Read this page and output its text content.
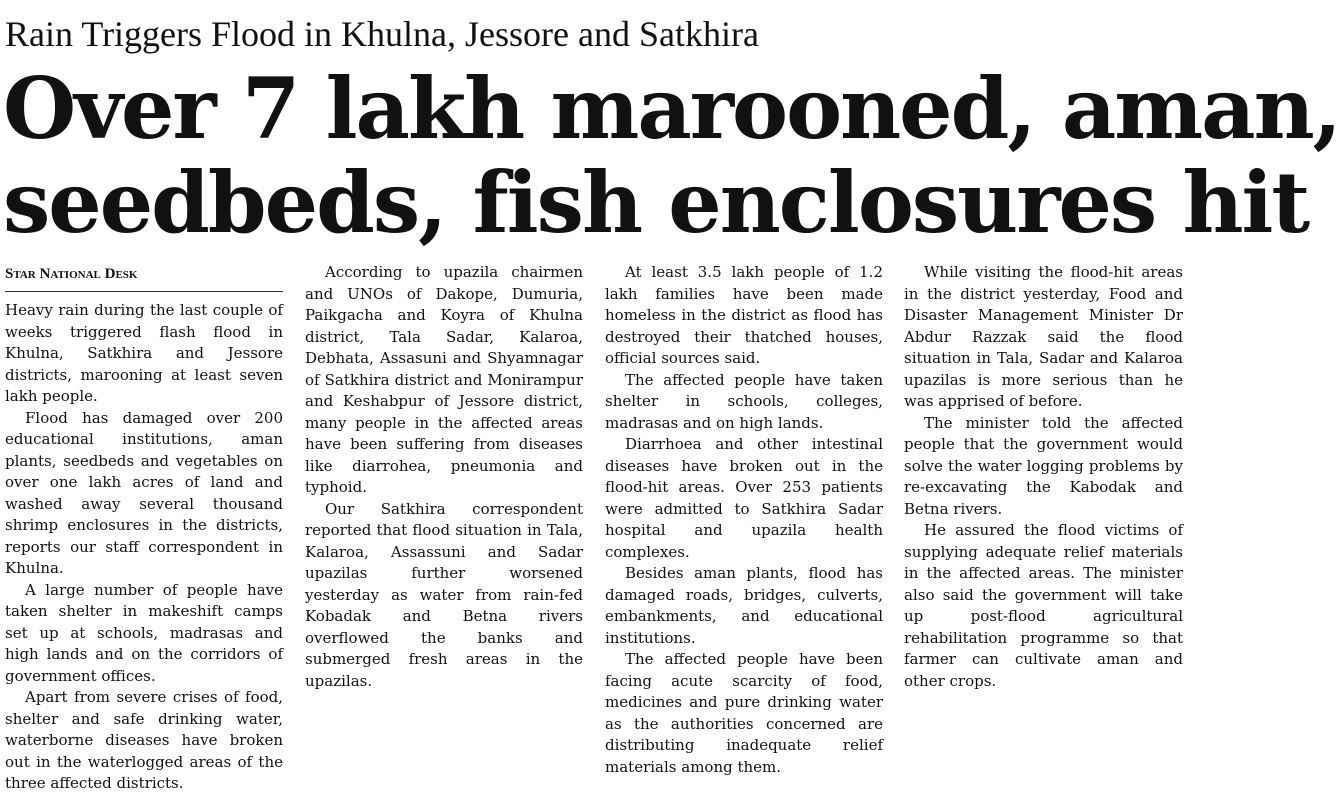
Rain Triggers Flood in Khulna, Jessore and Satkhira
Over 7 lakh marooned, aman,
seedbeds, fish enclosures hit
Star National Desk

Heavy rain during the last couple of weeks triggered flash flood in Khulna, Satkhira and Jessore districts, marooning at least seven lakh people.

Flood has damaged over 200 educational institutions, aman plants, seedbeds and vegetables on over one lakh acres of land and washed away several thousand shrimp enclosures in the districts, reports our staff correspondent in Khulna.

A large number of people have taken shelter in makeshift camps set up at schools, madrasas and high lands and on the corridors of government offices.

Apart from severe crises of food, shelter and safe drinking water, waterborne diseases have broken out in the waterlogged areas of the three affected districts.

According to upazila chairmen and UNOs of Dakope, Dumuria, Paikgacha and Koyra of Khulna district, Tala Sadar, Kalaroa, Debhata, Assasuni and Shyamnagar of Satkhira district and Monirampur and Keshabpur of Jessore district, many people in the affected areas have been suffering from diseases like diarrohea, pneumonia and typhoid.

Our Satkhira correspondent reported that flood situation in Tala, Kalaroa, Assassuni and Sadar upazilas further worsened yesterday as water from rain-fed Kobadak and Betna rivers overflowed the banks and submerged fresh areas in the upazilas.

At least 3.5 lakh people of 1.2 lakh families have been made homeless in the district as flood has destroyed their thatched houses, official sources said.

The affected people have taken shelter in schools, colleges, madrasas and on high lands.

Diarrhoea and other intestinal diseases have broken out in the flood-hit areas. Over 253 patients were admitted to Satkhira Sadar hospital and upazila health complexes.

Besides aman plants, flood has damaged roads, bridges, culverts, embankments, and educational institutions.

The affected people have been facing acute scarcity of food, medicines and pure drinking water as the authorities concerned are distributing inadequate relief materials among them.

While visiting the flood-hit areas in the district yesterday, Food and Disaster Management Minister Dr Abdur Razzak said the flood situation in Tala, Sadar and Kalaroa upazilas is more serious than he was apprised of before.

The minister told the affected people that the government would solve the water logging problems by re-excavating the Kabodak and Betna rivers.

He assured the flood victims of supplying adequate relief materials in the affected areas. The minister also said the government will take up post-flood agricultural rehabilitation programme so that farmer can cultivate aman and other crops.
